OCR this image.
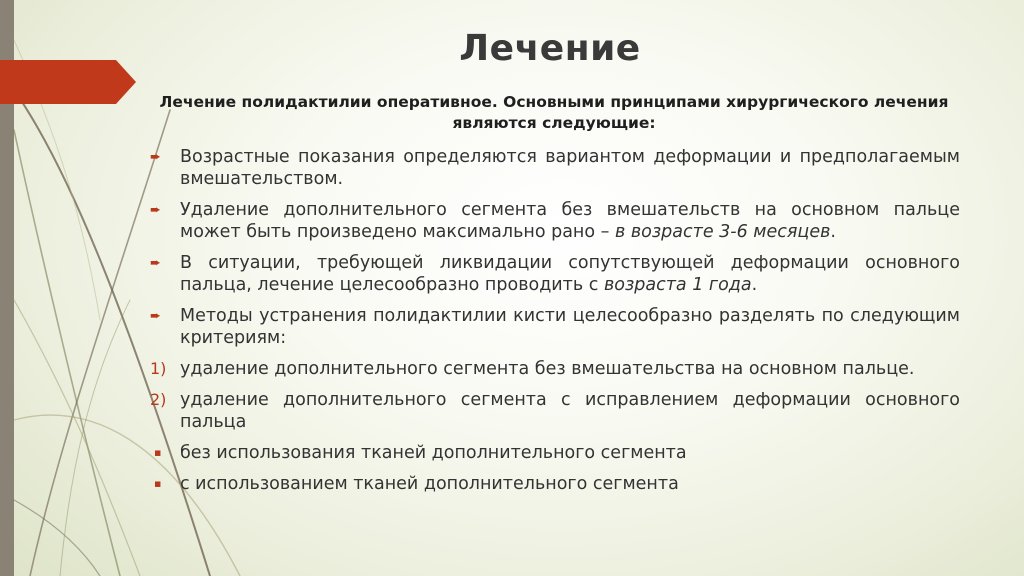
Лечение
Лечение полидактилии оперативное. Основными принципами хирургического лечения являются следующие:
➨ Возрастные показания определяются вариантом деформации и предполагаемым вмешательством.
➨ Удаление дополнительного сегмента без вмешательств на основном пальце может быть произведено максимально рано – в возрасте 3-6 месяцев.
➨ В ситуации, требующей ликвидации сопутствующей деформации основного пальца, лечение целесообразно проводить с возраста 1 года.
➨ Методы устранения полидактилии кисти целесообразно разделять по следующим критериям:
1) удаление дополнительного сегмента без вмешательства на основном пальце.
2) удаление дополнительного сегмента с исправлением деформации основного пальца
▪ без использования тканей дополнительного сегмента
▪ с использованием тканей дополнительного сегмента
